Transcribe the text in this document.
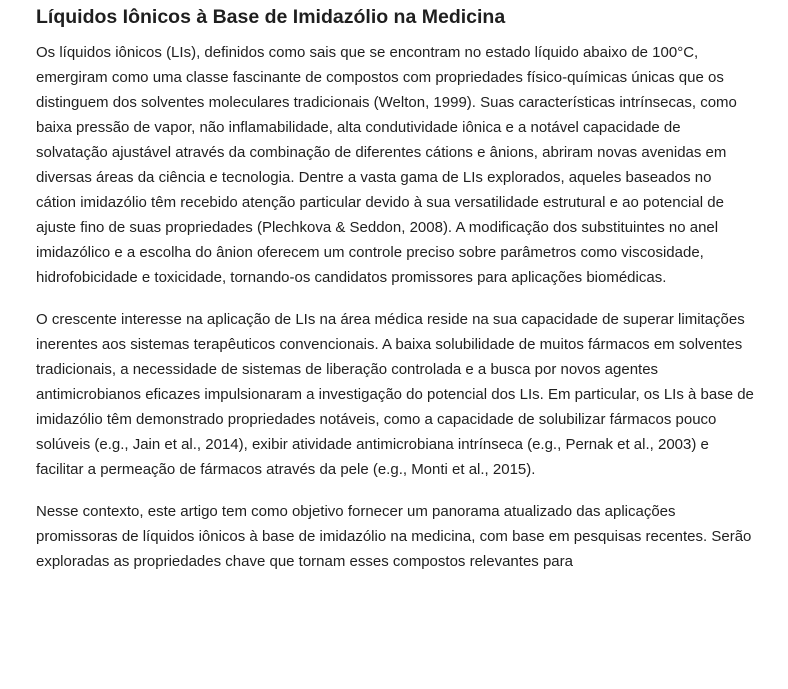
Líquidos Iônicos à Base de Imidazólio na Medicina

Os líquidos iônicos (LIs), definidos como sais que se encontram no estado líquido abaixo de 100°C, emergiram como uma classe fascinante de compostos com propriedades físico-químicas únicas que os distinguem dos solventes moleculares tradicionais (Welton, 1999). Suas características intrínsecas, como baixa pressão de vapor, não inflamabilidade, alta condutividade iônica e a notável capacidade de solvatação ajustável através da combinação de diferentes cátions e ânions, abriram novas avenidas em diversas áreas da ciência e tecnologia. Dentre a vasta gama de LIs explorados, aqueles baseados no cátion imidazólio têm recebido atenção particular devido à sua versatilidade estrutural e ao potencial de ajuste fino de suas propriedades (Plechkova & Seddon, 2008). A modificação dos substituintes no anel imidazólico e a escolha do ânion oferecem um controle preciso sobre parâmetros como viscosidade, hidrofobicidade e toxicidade, tornando-os candidatos promissores para aplicações biomédicas.

O crescente interesse na aplicação de LIs na área médica reside na sua capacidade de superar limitações inerentes aos sistemas terapêuticos convencionais. A baixa solubilidade de muitos fármacos em solventes tradicionais, a necessidade de sistemas de liberação controlada e a busca por novos agentes antimicrobianos eficazes impulsionaram a investigação do potencial dos LIs. Em particular, os LIs à base de imidazólio têm demonstrado propriedades notáveis, como a capacidade de solubilizar fármacos pouco solúveis (e.g., Jain et al., 2014), exibir atividade antimicrobiana intrínseca (e.g., Pernak et al., 2003) e facilitar a permeação de fármacos através da pele (e.g., Monti et al., 2015).

Nesse contexto, este artigo tem como objetivo fornecer um panorama atualizado das aplicações promissoras de líquidos iônicos à base de imidazólio na medicina, com base em pesquisas recentes. Serão exploradas as propriedades chave que tornam esses compostos relevantes para
